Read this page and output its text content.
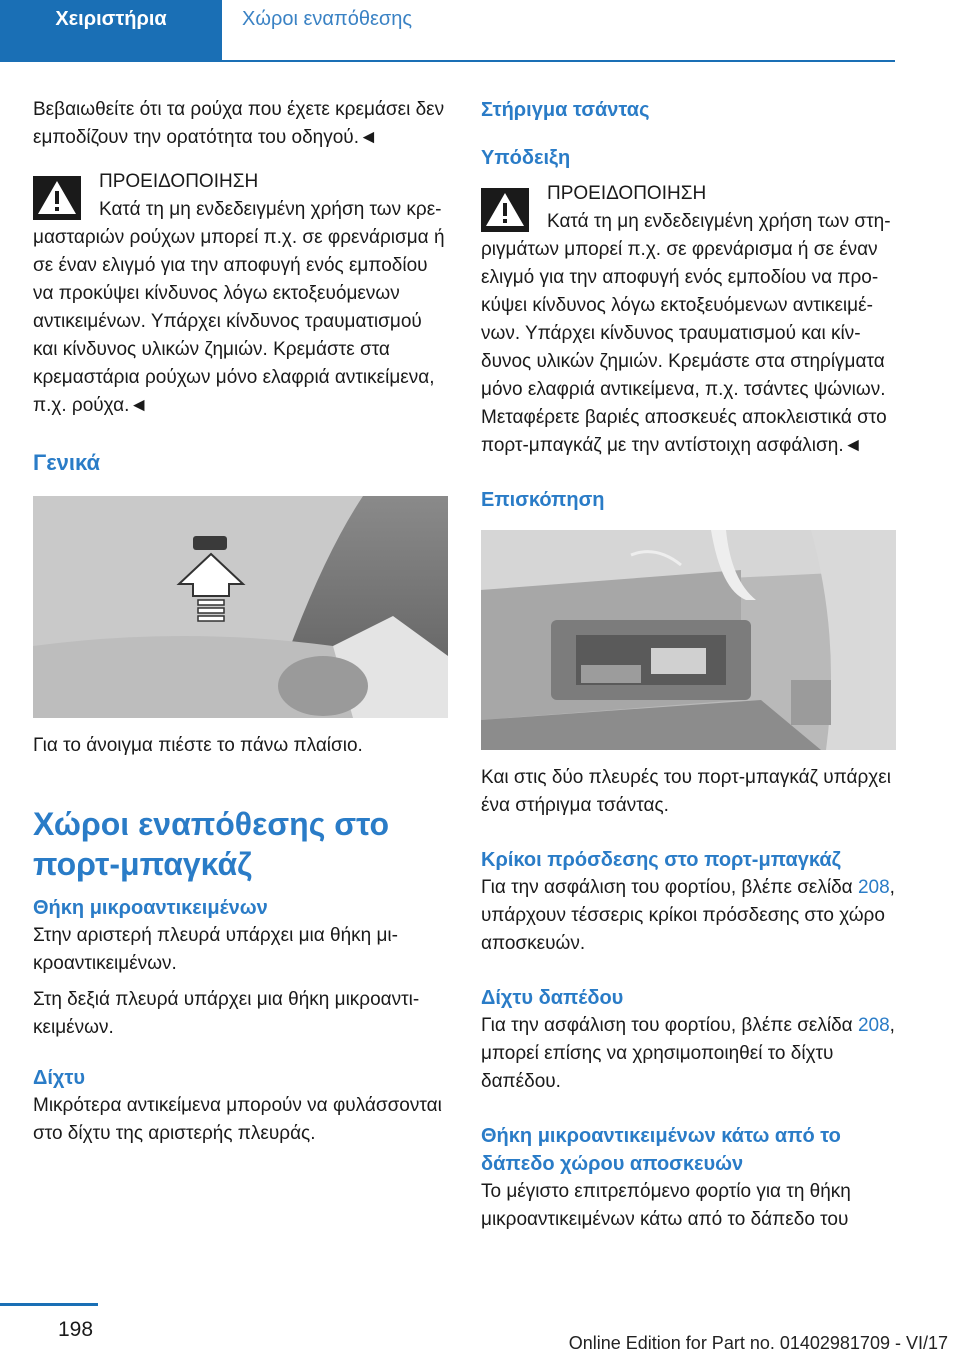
Χειριστήρια	Χώροι εναπόθεσης

Βεβαιωθείτε ότι τα ρούχα που έχετε κρεμάσει δεν εμποδίζουν την ορατότητα του οδηγού.◄

ΠΡΟΕΙΔΟΠΟΙΗΣΗ

Κατά τη μη ενδεδειγμένη χρήση των κρεμασταριών ρούχων μπορεί π.χ. σε φρενάρισμα ή σε έναν ελιγμό για την αποφυγή ενός εμποδίου να προκύψει κίνδυνος λόγω εκτοξευόμενων αντικειμένων. Υπάρχει κίνδυνος τραυματισμού και κίνδυνος υλικών ζημιών. Κρεμάστε στα κρεμαστάρια ρούχων μόνο ελαφριά αντικείμενα, π.χ. ρούχα.◄

Γενικά

Για το άνοιγμα πιέστε το πάνω πλαίσιο.

Χώροι εναπόθεσης στο πορτ-μπαγκάζ

Θήκη μικροαντικειμένων

Στην αριστερή πλευρά υπάρχει μια θήκη μικροαντικειμένων.

Στη δεξιά πλευρά υπάρχει μια θήκη μικροαντικειμένων.

Δίχτυ

Μικρότερα αντικείμενα μπορούν να φυλάσσονται στο δίχτυ της αριστερής πλευράς.

Στήριγμα τσάντας

Υπόδειξη

ΠΡΟΕΙΔΟΠΟΙΗΣΗ

Κατά τη μη ενδεδειγμένη χρήση των στηριγμάτων μπορεί π.χ. σε φρενάρισμα ή σε έναν ελιγμό για την αποφυγή ενός εμποδίου να προκύψει κίνδυνος λόγω εκτοξευόμενων αντικειμένων. Υπάρχει κίνδυνος τραυματισμού και κίνδυνος υλικών ζημιών. Κρεμάστε στα στηρίγματα μόνο ελαφριά αντικείμενα, π.χ. τσάντες ψώνιων. Μεταφέρετε βαριές αποσκευές αποκλειστικά στο πορτ-μπαγκάζ με την αντίστοιχη ασφάλιση.◄

Επισκόπηση

Και στις δύο πλευρές του πορτ-μπαγκάζ υπάρχει ένα στήριγμα τσάντας.

Κρίκοι πρόσδεσης στο πορτ-μπαγκάζ

Για την ασφάλιση του φορτίου, βλέπε σελίδα 208, υπάρχουν τέσσερις κρίκοι πρόσδεσης στο χώρο αποσκευών.

Δίχτυ δαπέδου

Για την ασφάλιση του φορτίου, βλέπε σελίδα 208, μπορεί επίσης να χρησιμοποιηθεί το δίχτυ δαπέδου.

Θήκη μικροαντικειμένων κάτω από το δάπεδο χώρου αποσκευών

Το μέγιστο επιτρεπόμενο φορτίο για τη θήκη μικροαντικειμένων κάτω από το δάπεδο του

198
Online Edition for Part no. 01402981709 - VI/17
